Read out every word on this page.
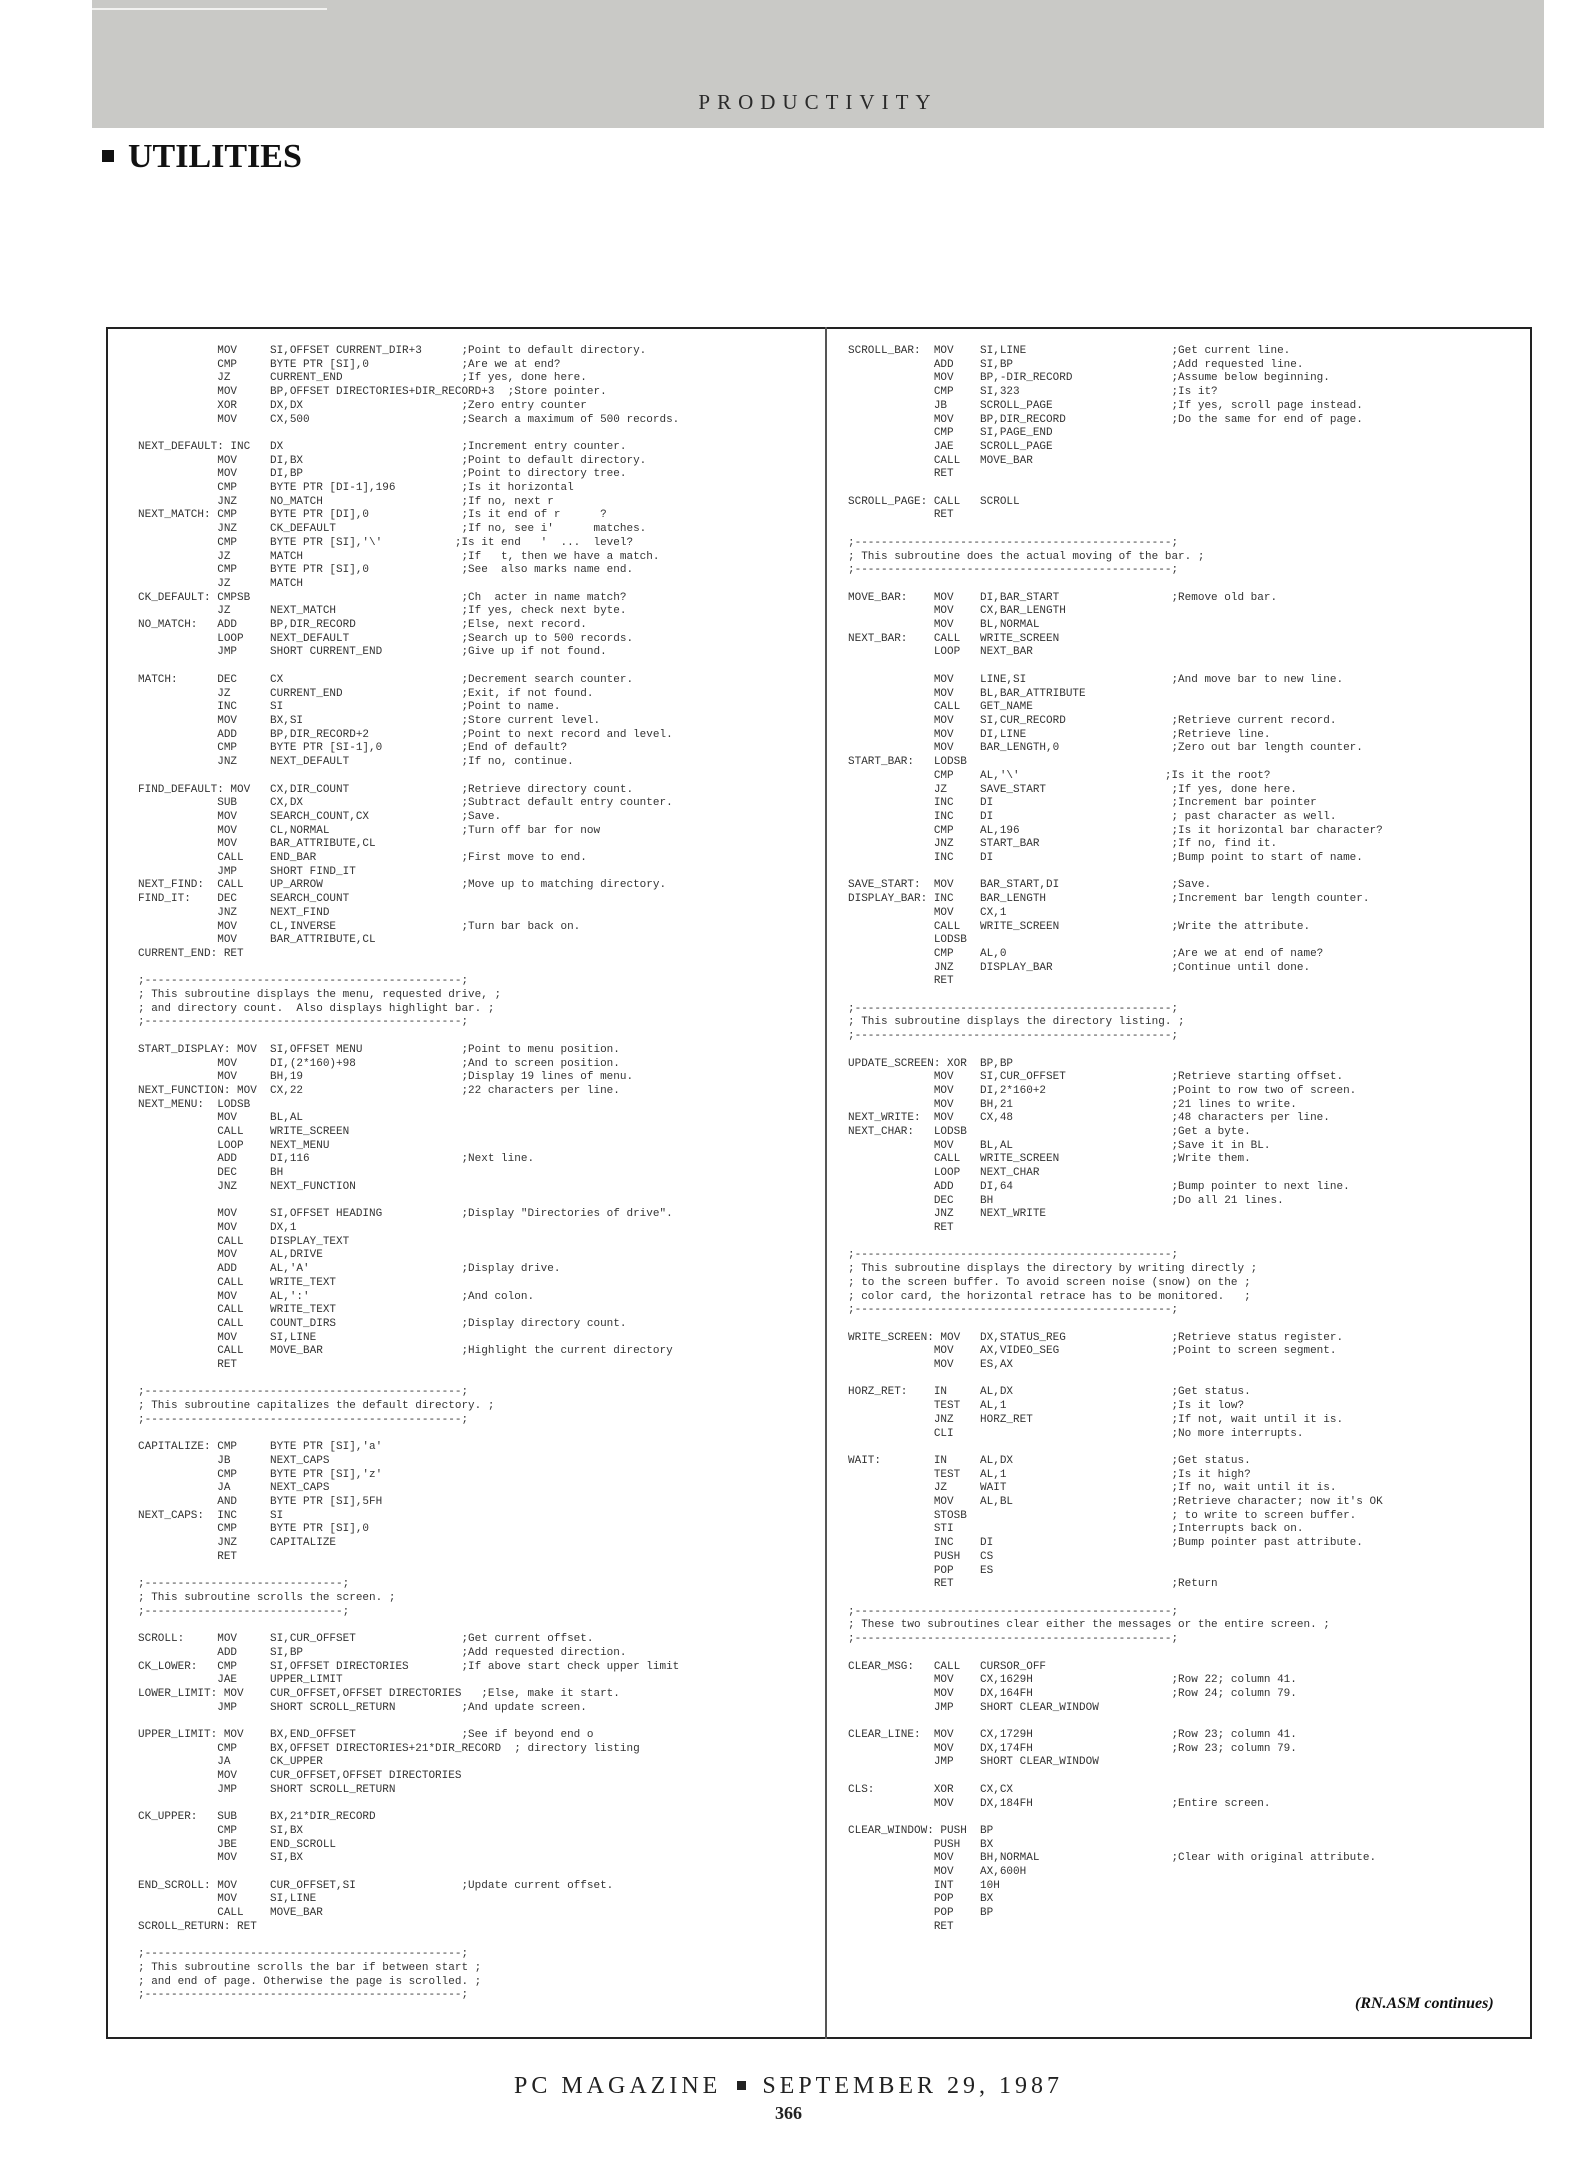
PRODUCTIVITY
UTILITIES
MOV     SI,OFFSET CURRENT_DIR+3      ;Point to default directory.
CMP     BYTE PTR [SI],0              ;Are we at end?
JZ      CURRENT_END                  ;If yes, done here.
MOV     BP,OFFSET DIRECTORIES+DIR_RECORD+3  ;Store pointer.
XOR     DX,DX                        ;Zero entry counter
MOV     CX,500                       ;Search a maximum of 500 records.

NEXT_DEFAULT: INC   DX                           ;Increment entry counter.
MOV     DI,BX                        ;Point to default directory.
MOV     DI,BP                        ;Point to directory tree.
CMP     BYTE PTR [DI-1],196          ;Is it horizontal
JNZ     NO_MATCH                     ;If no, next r
NEXT_MATCH: CMP     BYTE PTR [DI],0              ;Is it end of r      ?
JNZ     CK_DEFAULT                   ;If no, see i'      matches.
CMP     BYTE PTR [SI],'\'           ;Is it end   '  ...  level?
JZ      MATCH                        ;If   t, then we have a match.
CMP     BYTE PTR [SI],0              ;See  also marks name end.
JZ      MATCH
CK_DEFAULT: CMPSB                                ;Ch  acter in name match?
JZ      NEXT_MATCH                   ;If yes, check next byte.
NO_MATCH:   ADD     BP,DIR_RECORD                ;Else, next record.
LOOP    NEXT_DEFAULT                 ;Search up to 500 records.
JMP     SHORT CURRENT_END            ;Give up if not found.

MATCH:      DEC     CX                           ;Decrement search counter.
JZ      CURRENT_END                  ;Exit, if not found.
INC     SI                           ;Point to name.
MOV     BX,SI                        ;Store current level.
ADD     BP,DIR_RECORD+2              ;Point to next record and level.
CMP     BYTE PTR [SI-1],0            ;End of default?
JNZ     NEXT_DEFAULT                 ;If no, continue.

FIND_DEFAULT: MOV   CX,DIR_COUNT                 ;Retrieve directory count.
SUB     CX,DX                        ;Subtract default entry counter.
MOV     SEARCH_COUNT,CX              ;Save.
MOV     CL,NORMAL                    ;Turn off bar for now
MOV     BAR_ATTRIBUTE,CL
CALL    END_BAR                      ;First move to end.
JMP     SHORT FIND_IT
NEXT_FIND:  CALL    UP_ARROW                     ;Move up to matching directory.
FIND_IT:    DEC     SEARCH_COUNT
JNZ     NEXT_FIND
MOV     CL,INVERSE                   ;Turn bar back on.
MOV     BAR_ATTRIBUTE,CL
CURRENT_END: RET

;------------------------------------------------;
; This subroutine displays the menu, requested drive, ;
; and directory count.  Also displays highlight bar. ;
;------------------------------------------------;

START_DISPLAY: MOV  SI,OFFSET MENU               ;Point to menu position.
MOV     DI,(2*160)+98                ;And to screen position.
MOV     BH,19                        ;Display 19 lines of menu.
NEXT_FUNCTION: MOV  CX,22                        ;22 characters per line.
NEXT_MENU:  LODSB
MOV     BL,AL
CALL    WRITE_SCREEN
LOOP    NEXT_MENU
ADD     DI,116                       ;Next line.
DEC     BH
JNZ     NEXT_FUNCTION

MOV     SI,OFFSET HEADING            ;Display "Directories of drive".
MOV     DX,1
CALL    DISPLAY_TEXT
MOV     AL,DRIVE
ADD     AL,'A'                       ;Display drive.
CALL    WRITE_TEXT
MOV     AL,':'                       ;And colon.
CALL    WRITE_TEXT
CALL    COUNT_DIRS                   ;Display directory count.
MOV     SI,LINE
CALL    MOVE_BAR                     ;Highlight the current directory
RET

;------------------------------------------------;
; This subroutine capitalizes the default directory. ;
;------------------------------------------------;

CAPITALIZE: CMP     BYTE PTR [SI],'a'
JB      NEXT_CAPS
CMP     BYTE PTR [SI],'z'
JA      NEXT_CAPS
AND     BYTE PTR [SI],5FH
NEXT_CAPS:  INC     SI
CMP     BYTE PTR [SI],0
JNZ     CAPITALIZE
RET

;------------------------------;
; This subroutine scrolls the screen. ;
;------------------------------;

SCROLL:     MOV     SI,CUR_OFFSET                ;Get current offset.
ADD     SI,BP                        ;Add requested direction.
CK_LOWER:   CMP     SI,OFFSET DIRECTORIES        ;If above start check upper limit
JAE     UPPER_LIMIT
LOWER_LIMIT: MOV    CUR_OFFSET,OFFSET DIRECTORIES   ;Else, make it start.
JMP     SHORT SCROLL_RETURN          ;And update screen.

UPPER_LIMIT: MOV    BX,END_OFFSET                ;See if beyond end o
CMP     BX,OFFSET DIRECTORIES+21*DIR_RECORD  ; directory listing
JA      CK_UPPER
MOV     CUR_OFFSET,OFFSET DIRECTORIES
JMP     SHORT SCROLL_RETURN

CK_UPPER:   SUB     BX,21*DIR_RECORD
CMP     SI,BX
JBE     END_SCROLL
MOV     SI,BX

END_SCROLL: MOV     CUR_OFFSET,SI                ;Update current offset.
MOV     SI,LINE
CALL    MOVE_BAR
SCROLL_RETURN: RET

;------------------------------------------------;
; This subroutine scrolls the bar if between start ;
; and end of page. Otherwise the page is scrolled. ;
;------------------------------------------------;
SCROLL_BAR:  MOV    SI,LINE                      ;Get current line.
ADD    SI,BP                        ;Add requested line.
MOV    BP,-DIR_RECORD               ;Assume below beginning.
CMP    SI,323                       ;Is it?
JB     SCROLL_PAGE                  ;If yes, scroll page instead.
MOV    BP,DIR_RECORD                ;Do the same for end of page.
CMP    SI,PAGE_END
JAE    SCROLL_PAGE
CALL   MOVE_BAR
RET

SCROLL_PAGE: CALL   SCROLL
RET

;------------------------------------------------;
; This subroutine does the actual moving of the bar. ;
;------------------------------------------------;

MOVE_BAR:    MOV    DI,BAR_START                 ;Remove old bar.
MOV    CX,BAR_LENGTH
MOV    BL,NORMAL
NEXT_BAR:    CALL   WRITE_SCREEN
LOOP   NEXT_BAR

MOV    LINE,SI                      ;And move bar to new line.
MOV    BL,BAR_ATTRIBUTE
CALL   GET_NAME
MOV    SI,CUR_RECORD                ;Retrieve current record.
MOV    DI,LINE                      ;Retrieve line.
MOV    BAR_LENGTH,0                 ;Zero out bar length counter.
START_BAR:   LODSB
CMP    AL,'\'                      ;Is it the root?
JZ     SAVE_START                   ;If yes, done here.
INC    DI                           ;Increment bar pointer
INC    DI                           ; past character as well.
CMP    AL,196                       ;Is it horizontal bar character?
JNZ    START_BAR                    ;If no, find it.
INC    DI                           ;Bump point to start of name.

SAVE_START:  MOV    BAR_START,DI                 ;Save.
DISPLAY_BAR: INC    BAR_LENGTH                   ;Increment bar length counter.
MOV    CX,1
CALL   WRITE_SCREEN                 ;Write the attribute.
LODSB
CMP    AL,0                         ;Are we at end of name?
JNZ    DISPLAY_BAR                  ;Continue until done.
RET

;------------------------------------------------;
; This subroutine displays the directory listing. ;
;------------------------------------------------;

UPDATE_SCREEN: XOR  BP,BP
MOV    SI,CUR_OFFSET                ;Retrieve starting offset.
MOV    DI,2*160+2                   ;Point to row two of screen.
MOV    BH,21                        ;21 lines to write.
NEXT_WRITE:  MOV    CX,48                        ;48 characters per line.
NEXT_CHAR:   LODSB                               ;Get a byte.
MOV    BL,AL                        ;Save it in BL.
CALL   WRITE_SCREEN                 ;Write them.
LOOP   NEXT_CHAR
ADD    DI,64                        ;Bump pointer to next line.
DEC    BH                           ;Do all 21 lines.
JNZ    NEXT_WRITE
RET

;------------------------------------------------;
; This subroutine displays the directory by writing directly ;
; to the screen buffer. To avoid screen noise (snow) on the ;
; color card, the horizontal retrace has to be monitored.   ;
;------------------------------------------------;

WRITE_SCREEN: MOV   DX,STATUS_REG                ;Retrieve status register.
MOV    AX,VIDEO_SEG                 ;Point to screen segment.
MOV    ES,AX

HORZ_RET:    IN     AL,DX                        ;Get status.
TEST   AL,1                         ;Is it low?
JNZ    HORZ_RET                     ;If not, wait until it is.
CLI                                 ;No more interrupts.

WAIT:        IN     AL,DX                        ;Get status.
TEST   AL,1                         ;Is it high?
JZ     WAIT                         ;If no, wait until it is.
MOV    AL,BL                        ;Retrieve character; now it's OK
STOSB                               ; to write to screen buffer.
STI                                 ;Interrupts back on.
INC    DI                           ;Bump pointer past attribute.
PUSH   CS
POP    ES
RET                                 ;Return

;------------------------------------------------;
; These two subroutines clear either the messages or the entire screen. ;
;------------------------------------------------;

CLEAR_MSG:   CALL   CURSOR_OFF
MOV    CX,1629H                     ;Row 22; column 41.
MOV    DX,164FH                     ;Row 24; column 79.
JMP    SHORT CLEAR_WINDOW

CLEAR_LINE:  MOV    CX,1729H                     ;Row 23; column 41.
MOV    DX,174FH                     ;Row 23; column 79.
JMP    SHORT CLEAR_WINDOW

CLS:         XOR    CX,CX
MOV    DX,184FH                     ;Entire screen.

CLEAR_WINDOW: PUSH  BP
PUSH   BX
MOV    BH,NORMAL                    ;Clear with original attribute.
MOV    AX,600H
INT    10H
POP    BX
POP    BP
RET
(RN.ASM continues)
PC MAGAZINE SEPTEMBER 29, 1987
366
